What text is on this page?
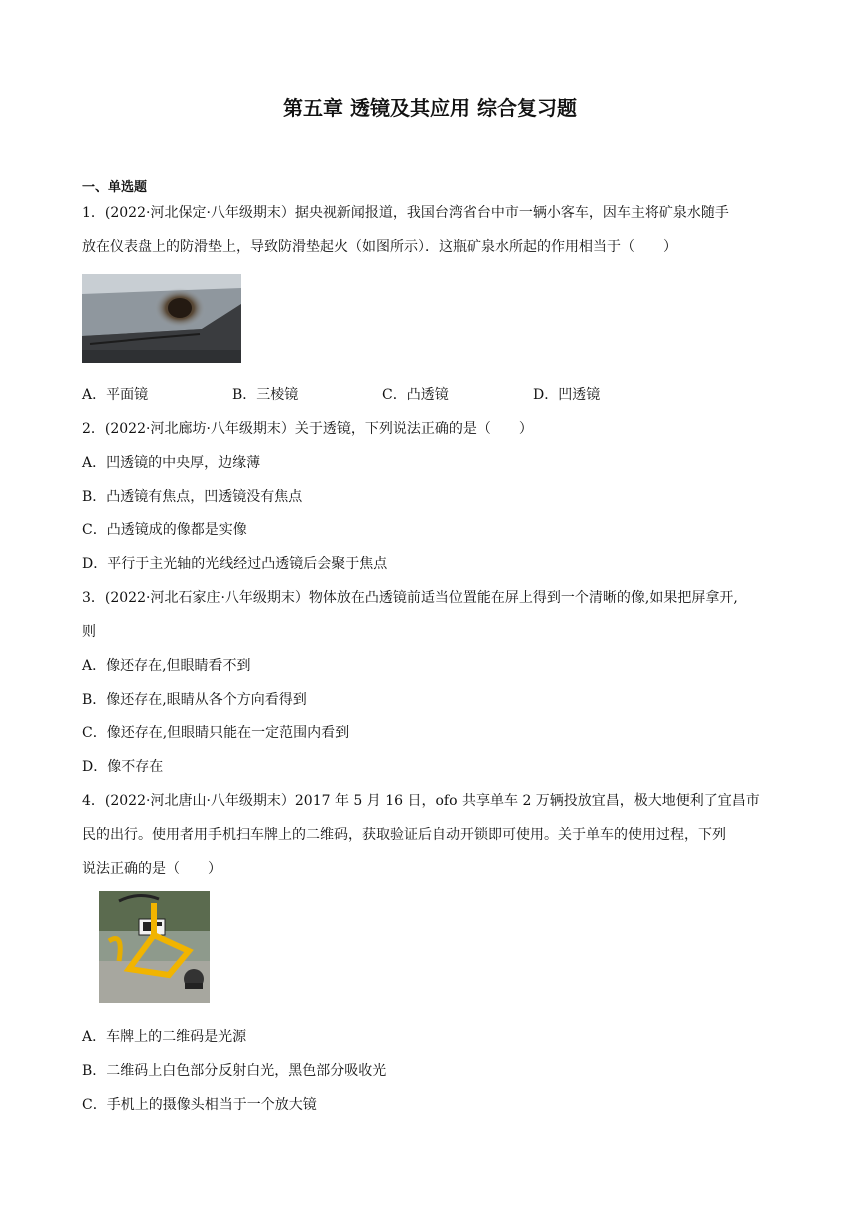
第五章 透镜及其应用 综合复习题
一、单选题
1．(2022·河北保定·八年级期末）据央视新闻报道，我国台湾省台中市一辆小客车，因车主将矿泉水随手
放在仪表盘上的防滑垫上，导致防滑垫起火（如图所示）．这瓶矿泉水所起的作用相当于（　　）
A．平面镜	B．三棱镜	C．凸透镜	D．凹透镜
2．(2022·河北廊坊·八年级期末）关于透镜，下列说法正确的是（　　）
A．凹透镜的中央厚，边缘薄
B．凸透镜有焦点，凹透镜没有焦点
C．凸透镜成的像都是实像
D．平行于主光轴的光线经过凸透镜后会聚于焦点
3．(2022·河北石家庄·八年级期末）物体放在凸透镜前适当位置能在屏上得到一个清晰的像,如果把屏拿开,
则
A．像还存在,但眼睛看不到
B．像还存在,眼睛从各个方向看得到
C．像还存在,但眼睛只能在一定范围内看到
D．像不存在
4．(2022·河北唐山·八年级期末）2017 年 5 月 16 日，ofo 共享单车 2 万辆投放宜昌，极大地便利了宜昌市
民的出行。使用者用手机扫车牌上的二维码，获取验证后自动开锁即可使用。关于单车的使用过程，下列
说法正确的是（　　）
A．车牌上的二维码是光源
B．二维码上白色部分反射白光，黑色部分吸收光
C．手机上的摄像头相当于一个放大镜
